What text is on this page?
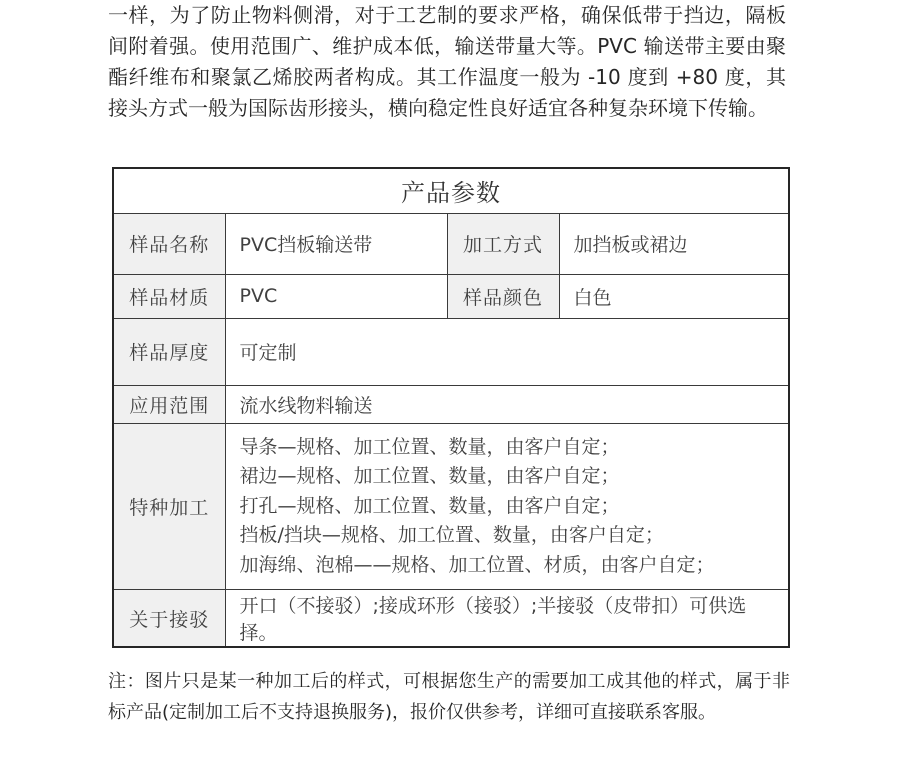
一样，为了防止物料侧滑，对于工艺制的要求严格，确保低带于挡边，隔板间附着强。使用范围广、维护成本低，输送带量大等。PVC 输送带主要由聚酯纤维布和聚氯乙烯胶两者构成。其工作温度一般为 -10 度到 +80 度，其接头方式一般为国际齿形接头，横向稳定性良好适宜各种复杂环境下传输。

产品参数			
样品名称	PVC挡板输送带	加工方式	加挡板或裙边
样品材质	PVC	样品颜色	白色
样品厚度	可定制		
应用范围	流水线物料输送		
特种加工	导条—规格、加工位置、数量，由客户自定；
裙边—规格、加工位置、数量，由客户自定；
打孔—规格、加工位置、数量，由客户自定；
挡板/挡块—规格、加工位置、数量，由客户自定；
加海绵、泡棉——规格、加工位置、材质，由客户自定；		

关于接驳	开口（不接驳）;接成环形（接驳）;半接驳（皮带扣）可供选择。		

注：图片只是某一种加工后的样式，可根据您生产的需要加工成其他的样式，属于非标产品(定制加工后不支持退换服务)，报价仅供参考，详细可直接联系客服。
